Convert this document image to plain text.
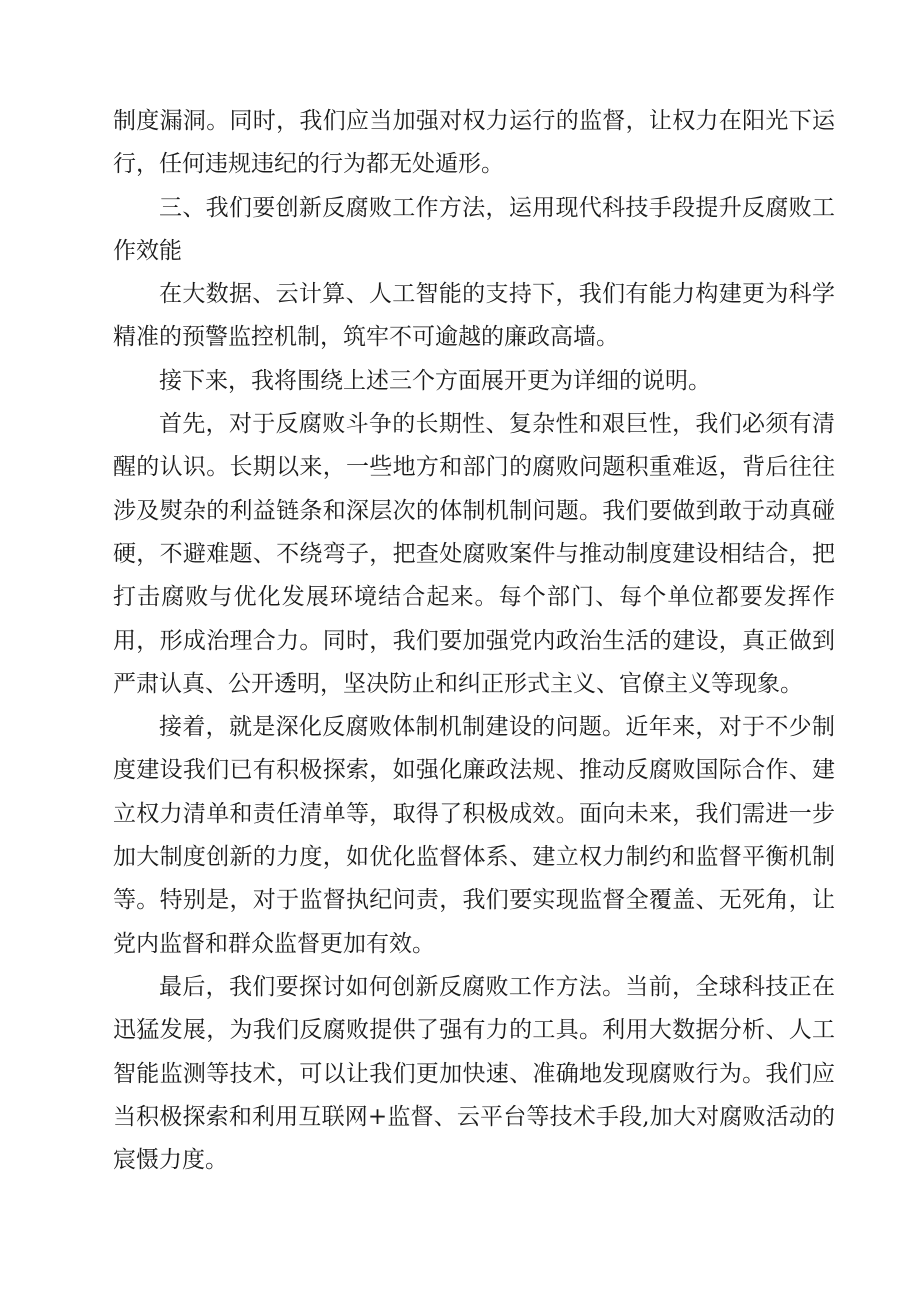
制度漏洞。同时，我们应当加强对权力运行的监督，让权力在阳光下运行，任何违规违纪的行为都无处遁形。

三、我们要创新反腐败工作方法，运用现代科技手段提升反腐败工作效能

在大数据、云计算、人工智能的支持下，我们有能力构建更为科学精准的预警监控机制，筑牢不可逾越的廉政高墙。

接下来，我将围绕上述三个方面展开更为详细的说明。

首先，对于反腐败斗争的长期性、复杂性和艰巨性，我们必须有清醒的认识。长期以来，一些地方和部门的腐败问题积重难返，背后往往涉及熨杂的利益链条和深层次的体制机制问题。我们要做到敢于动真碰硬，不避难题、不绕弯子，把查处腐败案件与推动制度建设相结合，把打击腐败与优化发展环境结合起来。每个部门、每个单位都要发挥作用，形成治理合力。同时，我们要加强党内政治生活的建设，真正做到严肃认真、公开透明，坚决防止和纠正形式主义、官僚主义等现象。

接着，就是深化反腐败体制机制建设的问题。近年来，对于不少制度建设我们已有积极探索，如强化廉政法规、推动反腐败国际合作、建立权力清单和责任清单等，取得了积极成效。面向未来，我们需进一步加大制度创新的力度，如优化监督体系、建立权力制约和监督平衡机制等。特别是，对于监督执纪问责，我们要实现监督全覆盖、无死角，让党内监督和群众监督更加有效。

最后，我们要探讨如何创新反腐败工作方法。当前，全球科技正在迅猛发展，为我们反腐败提供了强有力的工具。利用大数据分析、人工智能监测等技术，可以让我们更加快速、准确地发现腐败行为。我们应当积极探索和利用互联网+监督、云平台等技术手段,加大对腐败活动的宸慑力度。
